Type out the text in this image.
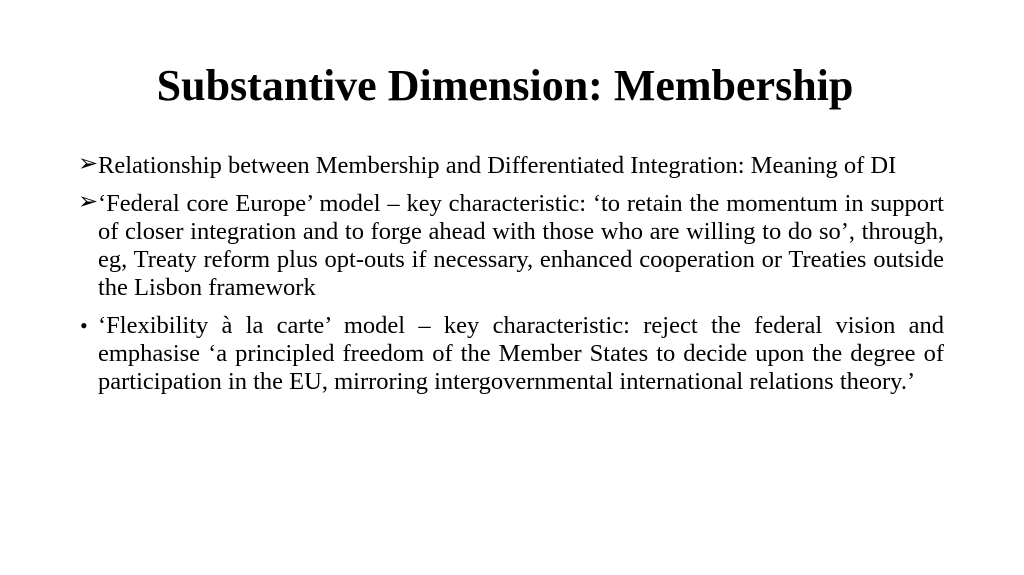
Substantive Dimension: Membership
➢ Relationship between Membership and Differentiated Integration: Meaning of DI
➢ ‘Federal core Europe’ model – key characteristic: ‘to retain the momentum in support of closer integration and to forge ahead with those who are willing to do so’, through, eg, Treaty reform plus opt-outs if necessary, enhanced cooperation or Treaties outside the Lisbon framework
• ‘Flexibility à la carte’ model – key characteristic: reject the federal vision and emphasise ‘a principled freedom of the Member States to decide upon the degree of participation in the EU, mirroring intergovernmental international relations theory.’
